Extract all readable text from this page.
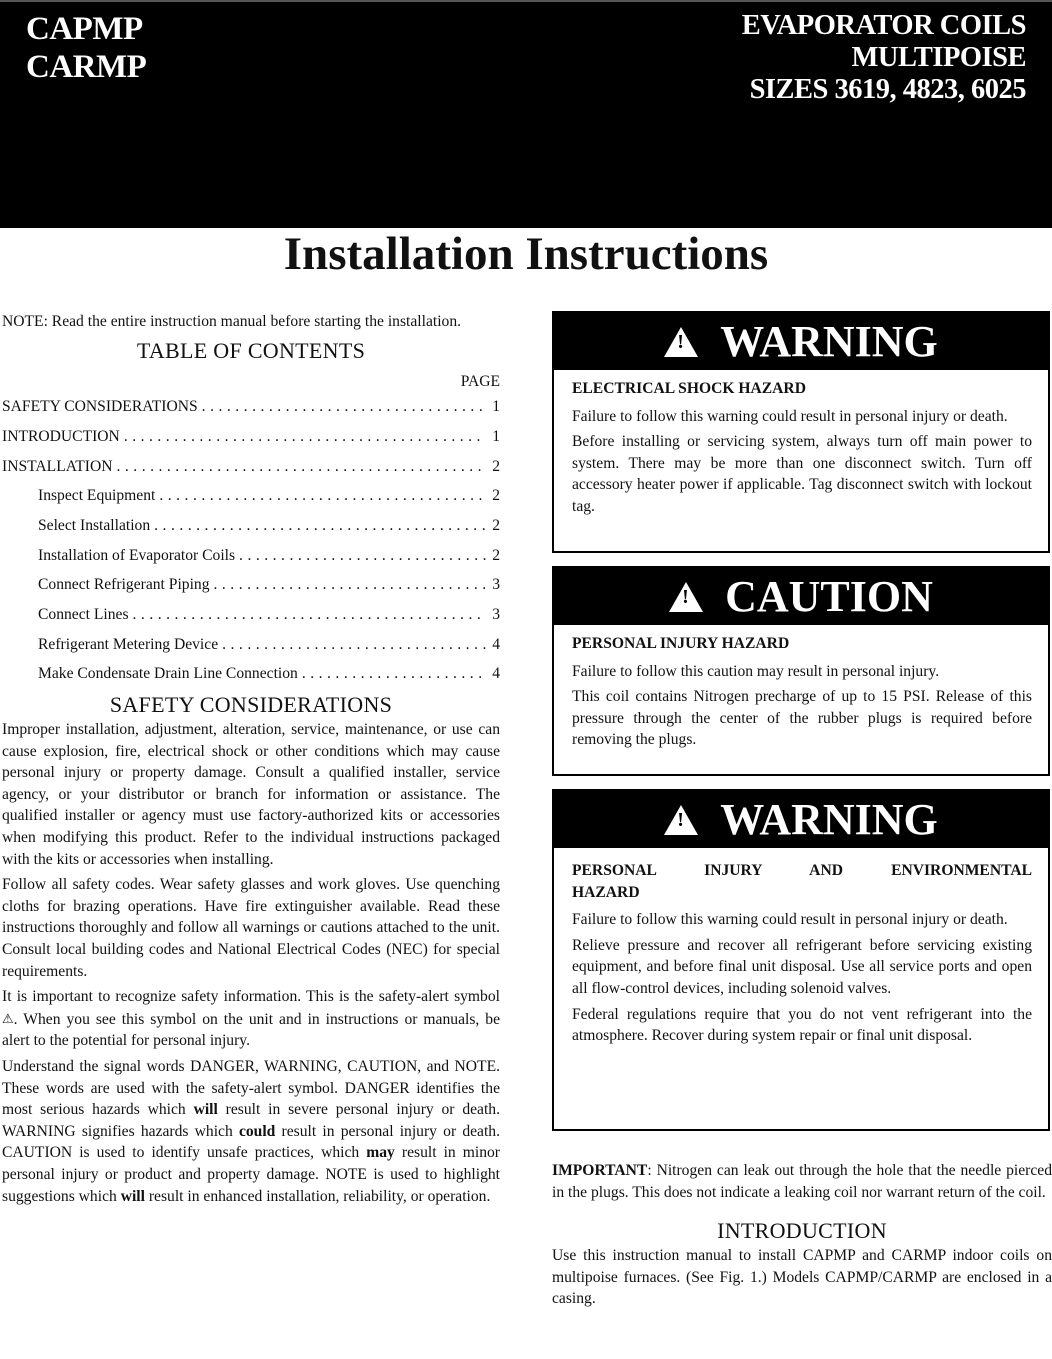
CAPMP
CARMP
EVAPORATOR COILS
MULTIPOISE
SIZES 3619, 4823, 6025
Installation Instructions

NOTE: Read the entire instruction manual before starting the installation.

TABLE OF CONTENTS
PAGE
SAFETY CONSIDERATIONS .....	1
INTRODUCTION .....	1
INSTALLATION .....	2
Inspect Equipment .....	2
Select Installation .....	2
Installation of Evaporator Coils .....	2
Connect Refrigerant Piping .....	3
Connect Lines .....	3
Refrigerant Metering Device .....	4
Make Condensate Drain Line Connection .....	4
SAFETY CONSIDERATIONS

Improper installation, adjustment, alteration, service, maintenance, or use can cause explosion, fire, electrical shock or other conditions which may cause personal injury or property damage. Consult a qualified installer, service agency, or your distributor or branch for information or assistance. The qualified installer or agency must use factory-authorized kits or accessories when modifying this product. Refer to the individual instructions packaged with the kits or accessories when installing.

Follow all safety codes. Wear safety glasses and work gloves. Use quenching cloths for brazing operations. Have fire extinguisher available. Read these instructions thoroughly and follow all warnings or cautions attached to the unit. Consult local building codes and National Electrical Codes (NEC) for special requirements.

It is important to recognize safety information. This is the safety-alert symbol ⚠. When you see this symbol on the unit and in instructions or manuals, be alert to the potential for personal injury.

Understand the signal words DANGER, WARNING, CAUTION, and NOTE. These words are used with the safety-alert symbol. DANGER identifies the most serious hazards which will result in severe personal injury or death. WARNING signifies hazards which could result in personal injury or death. CAUTION is used to identify unsafe practices, which may result in minor personal injury or product and property damage. NOTE is used to highlight suggestions which will result in enhanced installation, reliability, or operation.

!
WARNING
ELECTRICAL SHOCK HAZARD

Failure to follow this warning could result in personal injury or death.

Before installing or servicing system, always turn off main power to system. There may be more than one disconnect switch. Turn off accessory heater power if applicable. Tag disconnect switch with lockout tag.

!
CAUTION
PERSONAL INJURY HAZARD

Failure to follow this caution may result in personal injury.

This coil contains Nitrogen precharge of up to 15 PSI. Release of this pressure through the center of the rubber plugs is required before removing the plugs.

!
WARNING
PERSONAL INJURY AND ENVIRONMENTAL HAZARD

Failure to follow this warning could result in personal injury or death.

Relieve pressure and recover all refrigerant before servicing existing equipment, and before final unit disposal. Use all service ports and open all flow-control devices, including solenoid valves.

Federal regulations require that you do not vent refrigerant into the atmosphere. Recover during system repair or final unit disposal.

IMPORTANT: Nitrogen can leak out through the hole that the needle pierced in the plugs. This does not indicate a leaking coil nor warrant return of the coil.

INTRODUCTION

Use this instruction manual to install CAPMP and CARMP indoor coils on multipoise furnaces. (See Fig. 1.) Models CAPMP/CARMP are enclosed in a casing.
